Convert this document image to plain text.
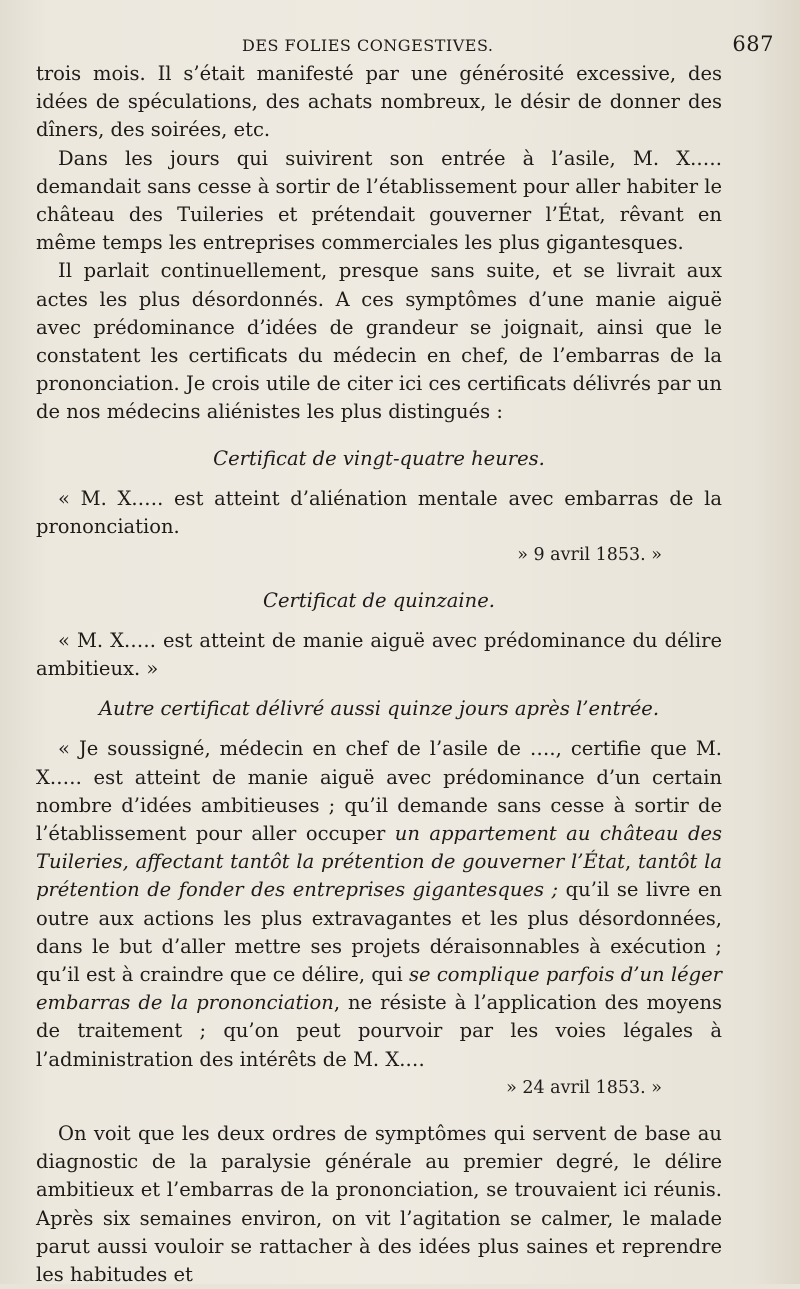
DES FOLIES CONGESTIVES.	687

trois mois. Il s’était manifesté par une générosité excessive, des idées de spéculations, des achats nombreux, le désir de donner des dîners, des soirées, etc.

Dans les jours qui suivirent son entrée à l’asile, M. X.…. demandait sans cesse à sortir de l’établissement pour aller habiter le château des Tuileries et prétendait gouverner l’État, rêvant en même temps les entreprises commerciales les plus gigantesques.

Il parlait continuellement, presque sans suite, et se livrait aux actes les plus désordonnés. A ces symptômes d’une manie aiguë avec prédominance d’idées de grandeur se joignait, ainsi que le constatent les certificats du médecin en chef, de l’embarras de la prononciation. Je crois utile de citer ici ces certificats délivrés par un de nos médecins aliénistes les plus distingués :

Certificat de vingt-quatre heures.

« M. X.…. est atteint d’aliénation mentale avec embarras de la prononciation.

» 9 avril 1853. »
Certificat de quinzaine.

« M. X.…. est atteint de manie aiguë avec prédominance du délire ambitieux. »

Autre certificat délivré aussi quinze jours après l’entrée.

« Je soussigné, médecin en chef de l’asile de …., certifie que M. X.…. est atteint de manie aiguë avec prédominance d’un certain nombre d’idées ambitieuses ; qu’il demande sans cesse à sortir de l’établissement pour aller occuper un appartement au château des Tuileries, affectant tantôt la prétention de gouverner l’État, tantôt la prétention de fonder des entreprises gigantesques ; qu’il se livre en outre aux actions les plus extravagantes et les plus désordonnées, dans le but d’aller mettre ses projets déraisonnables à exécution ; qu’il est à craindre que ce délire, qui se complique parfois d’un léger embarras de la prononciation, ne résiste à l’application des moyens de traitement ; qu’on peut pourvoir par les voies légales à l’administration des intérêts de M. X.…

» 24 avril 1853. »

On voit que les deux ordres de symptômes qui servent de base au diagnostic de la paralysie générale au premier degré, le délire ambitieux et l’embarras de la prononciation, se trouvaient ici réunis. Après six semaines environ, on vit l’agitation se calmer, le malade parut aussi vouloir se rattacher à des idées plus saines et reprendre les habitudes et
